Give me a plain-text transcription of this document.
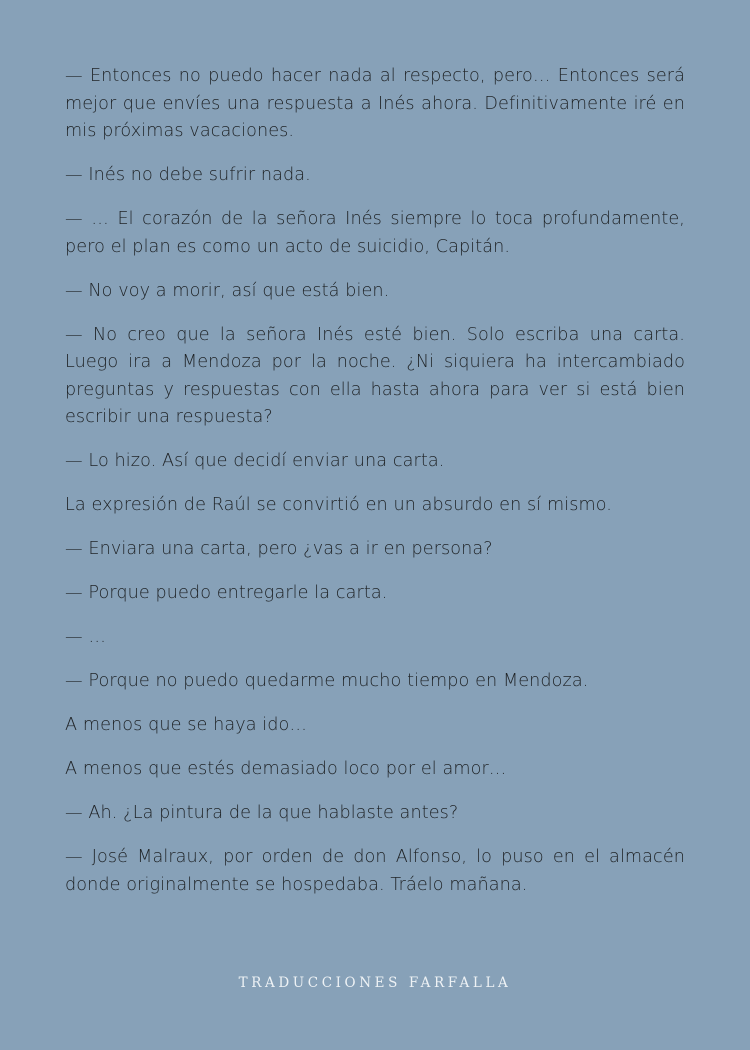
— Entonces no puedo hacer nada al respecto, pero… Entonces será mejor que envíes una respuesta a Inés ahora. Definitivamente iré en mis próximas vacaciones.

— Inés no debe sufrir nada.

— … El corazón de la señora Inés siempre lo toca profundamente, pero el plan es como un acto de suicidio, Capitán.

— No voy a morir, así que está bien.

— No creo que la señora Inés esté bien. Solo escriba una carta. Luego ira a Mendoza por la noche. ¿Ni siquiera ha intercambiado preguntas y respuestas con ella hasta ahora para ver si está bien escribir una respuesta?

— Lo hizo. Así que decidí enviar una carta.

La expresión de Raúl se convirtió en un absurdo en sí mismo.

— Enviara una carta, pero ¿vas a ir en persona?

— Porque puedo entregarle la carta.

— …

— Porque no puedo quedarme mucho tiempo en Mendoza.

A menos que se haya ido…

A menos que estés demasiado loco por el amor…

— Ah. ¿La pintura de la que hablaste antes?

— José Malraux, por orden de don Alfonso, lo puso en el almacén donde originalmente se hospedaba. Tráelo mañana.

TRADUCCIONES FARFALLA
